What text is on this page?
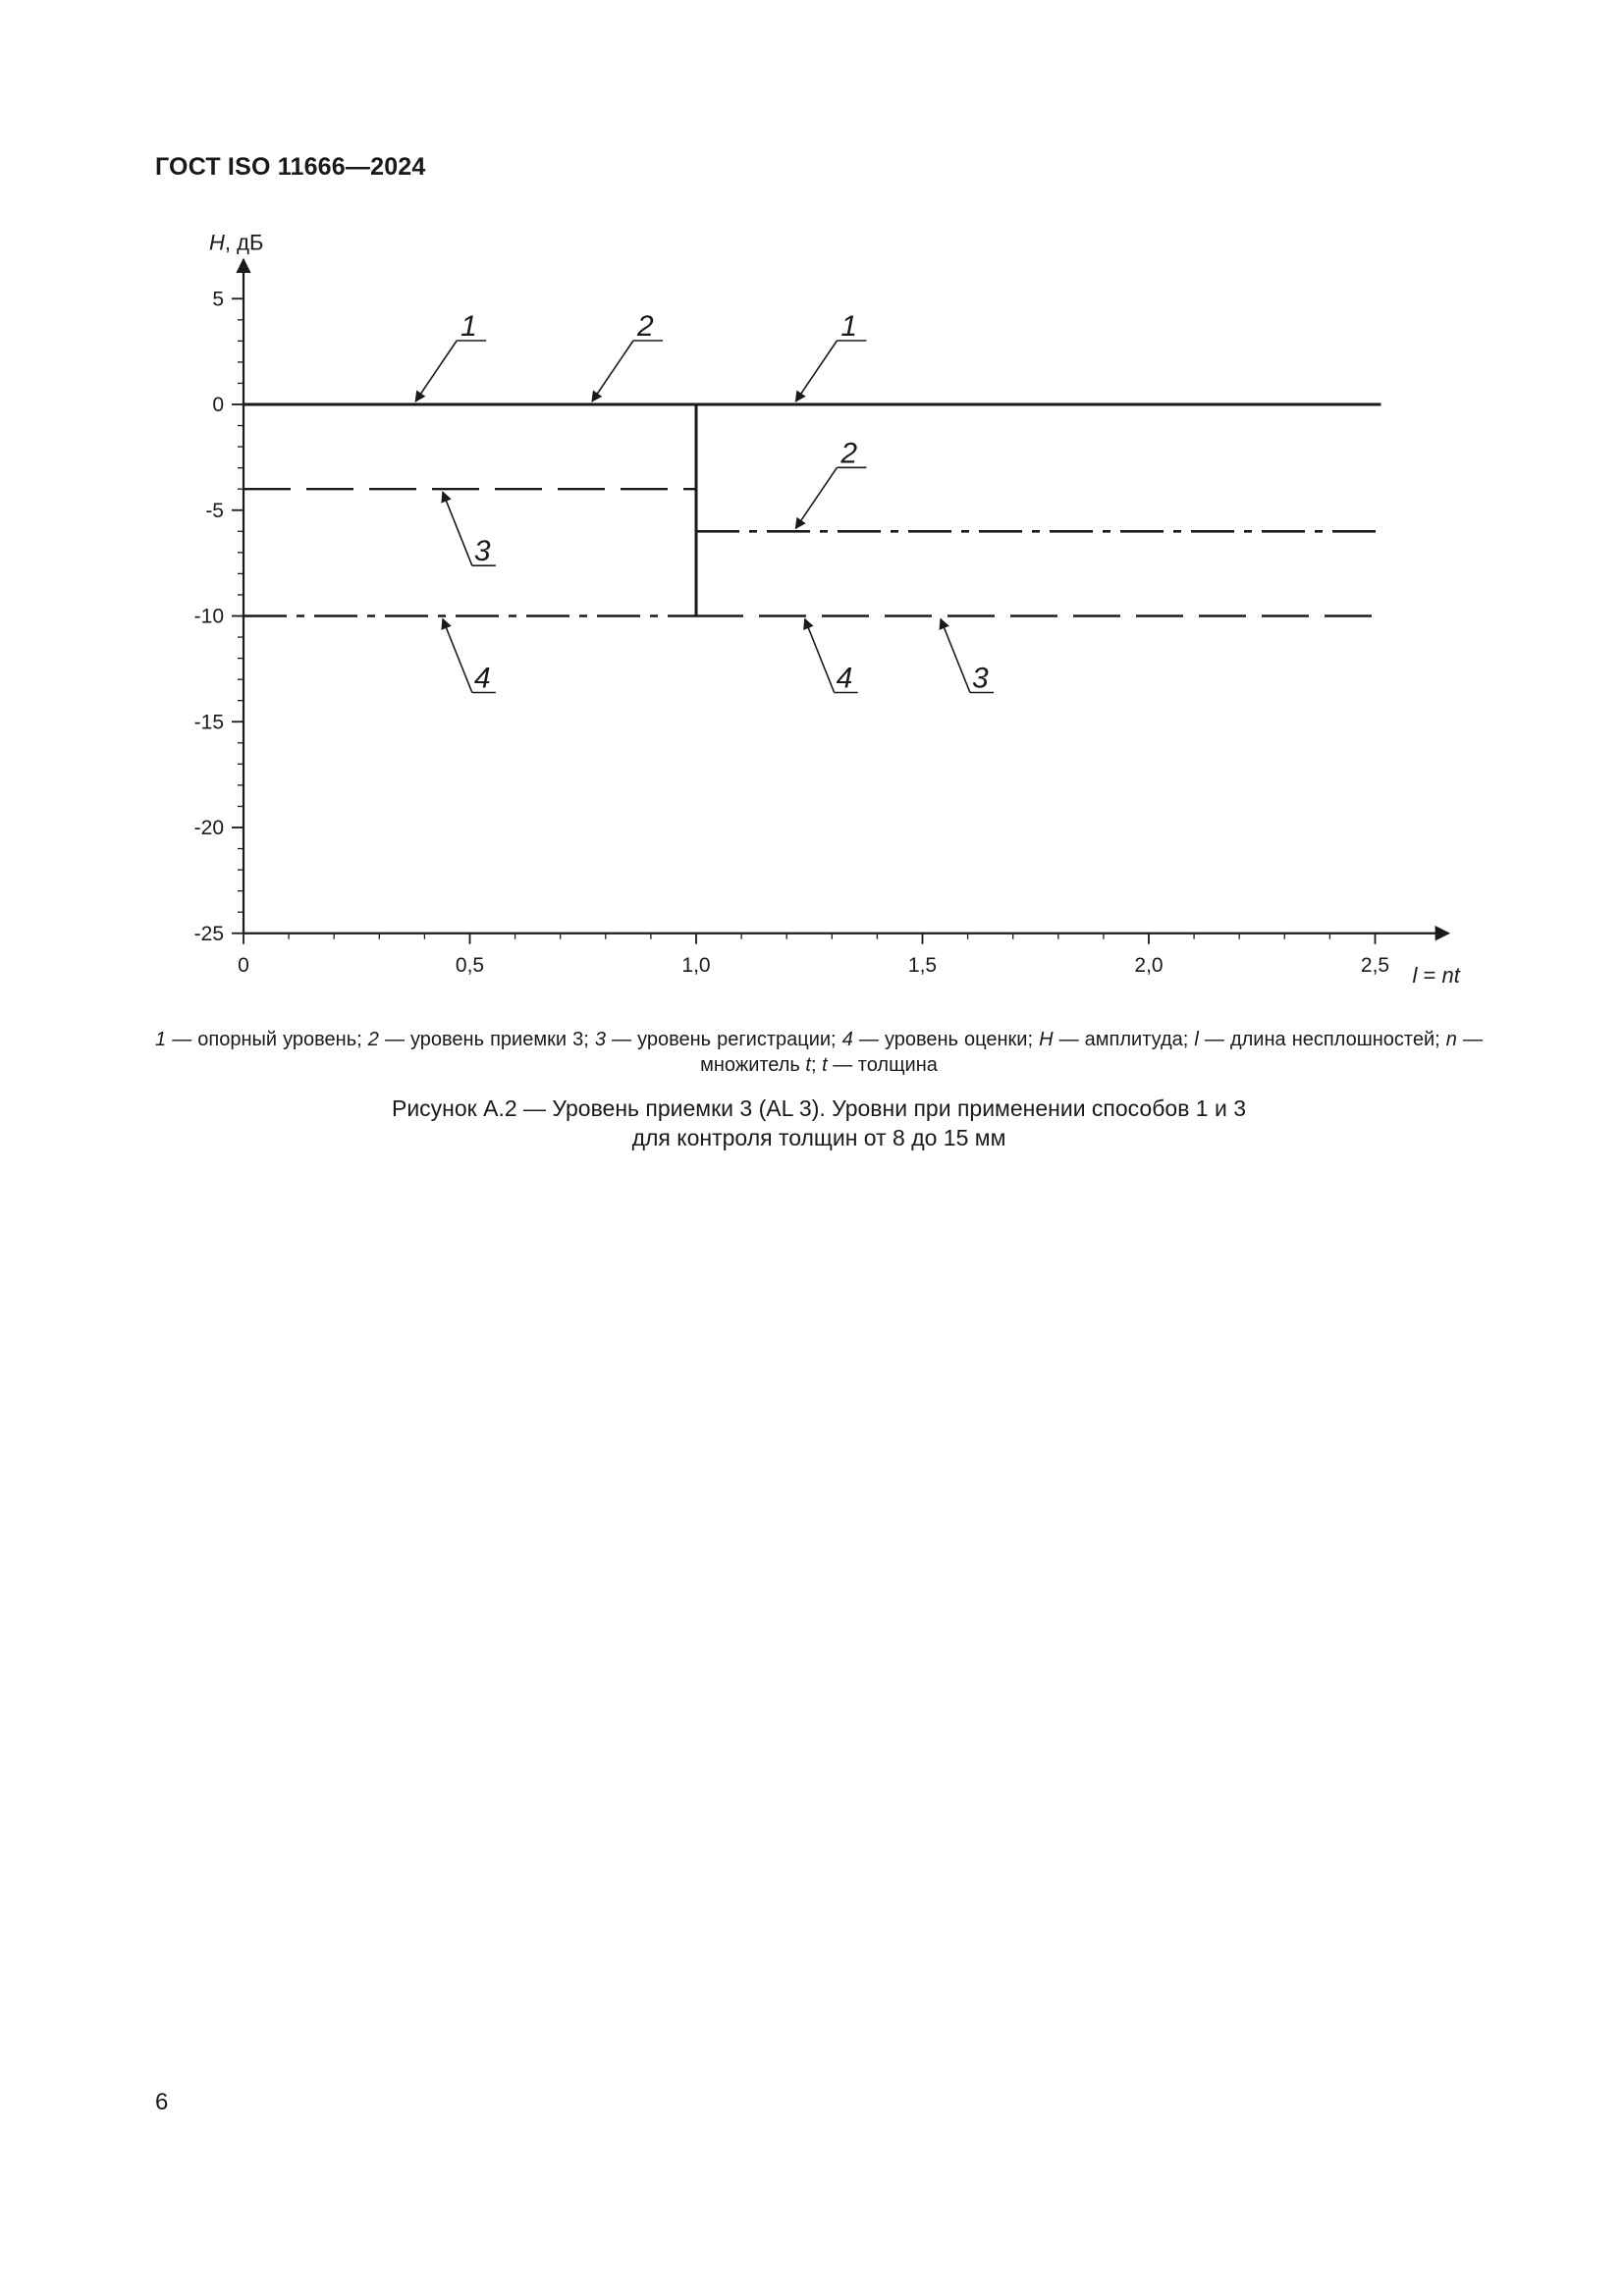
ГОСТ ISO 11666—2024
5
0
-5
-10
-15
-20
-25
0	0,5	1,0	1,5	2,0	2,5
H, дБ
l = nt
1	2	1
2
3
4	4	3
1 — опорный уровень; 2 — уровень приемки 3; 3 — уровень регистрации; 4 — уровень оценки; H — амплитуда; l — длина несплошностей; n — множитель t; t — толщина
Рисунок А.2 — Уровень приемки 3 (AL 3). Уровни при применении способов 1 и 3
для контроля толщин от 8 до 15 мм
6
